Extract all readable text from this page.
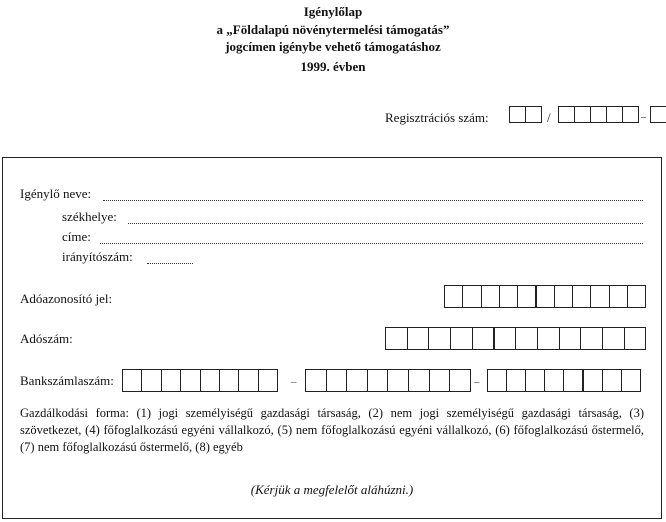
Igénylőlap
a „Földalapú növénytermelési támogatás”
jogcímen igénybe vehető támogatáshoz
1999. évben
Regisztrációs szám:	/	–
Igénylő neve:
székhelye:
címe:
irányítószám:
Adóazonosító jel:
Adószám:
Bankszámlaszám:	–	–
Gazdálkodási forma: (1) jogi személyiségű gazdasági társaság, (2) nem jogi személyiségű gazdasági társaság, (3) szövetkezet, (4) főfoglalkozású egyéni vállalkozó, (5) nem főfoglalkozású egyéni vállalkozó, (6) főfoglalkozású őstermelő, (7) nem főfoglalkozású őstermelő, (8) egyéb
(Kérjük a megfelelőt aláhúzni.)
